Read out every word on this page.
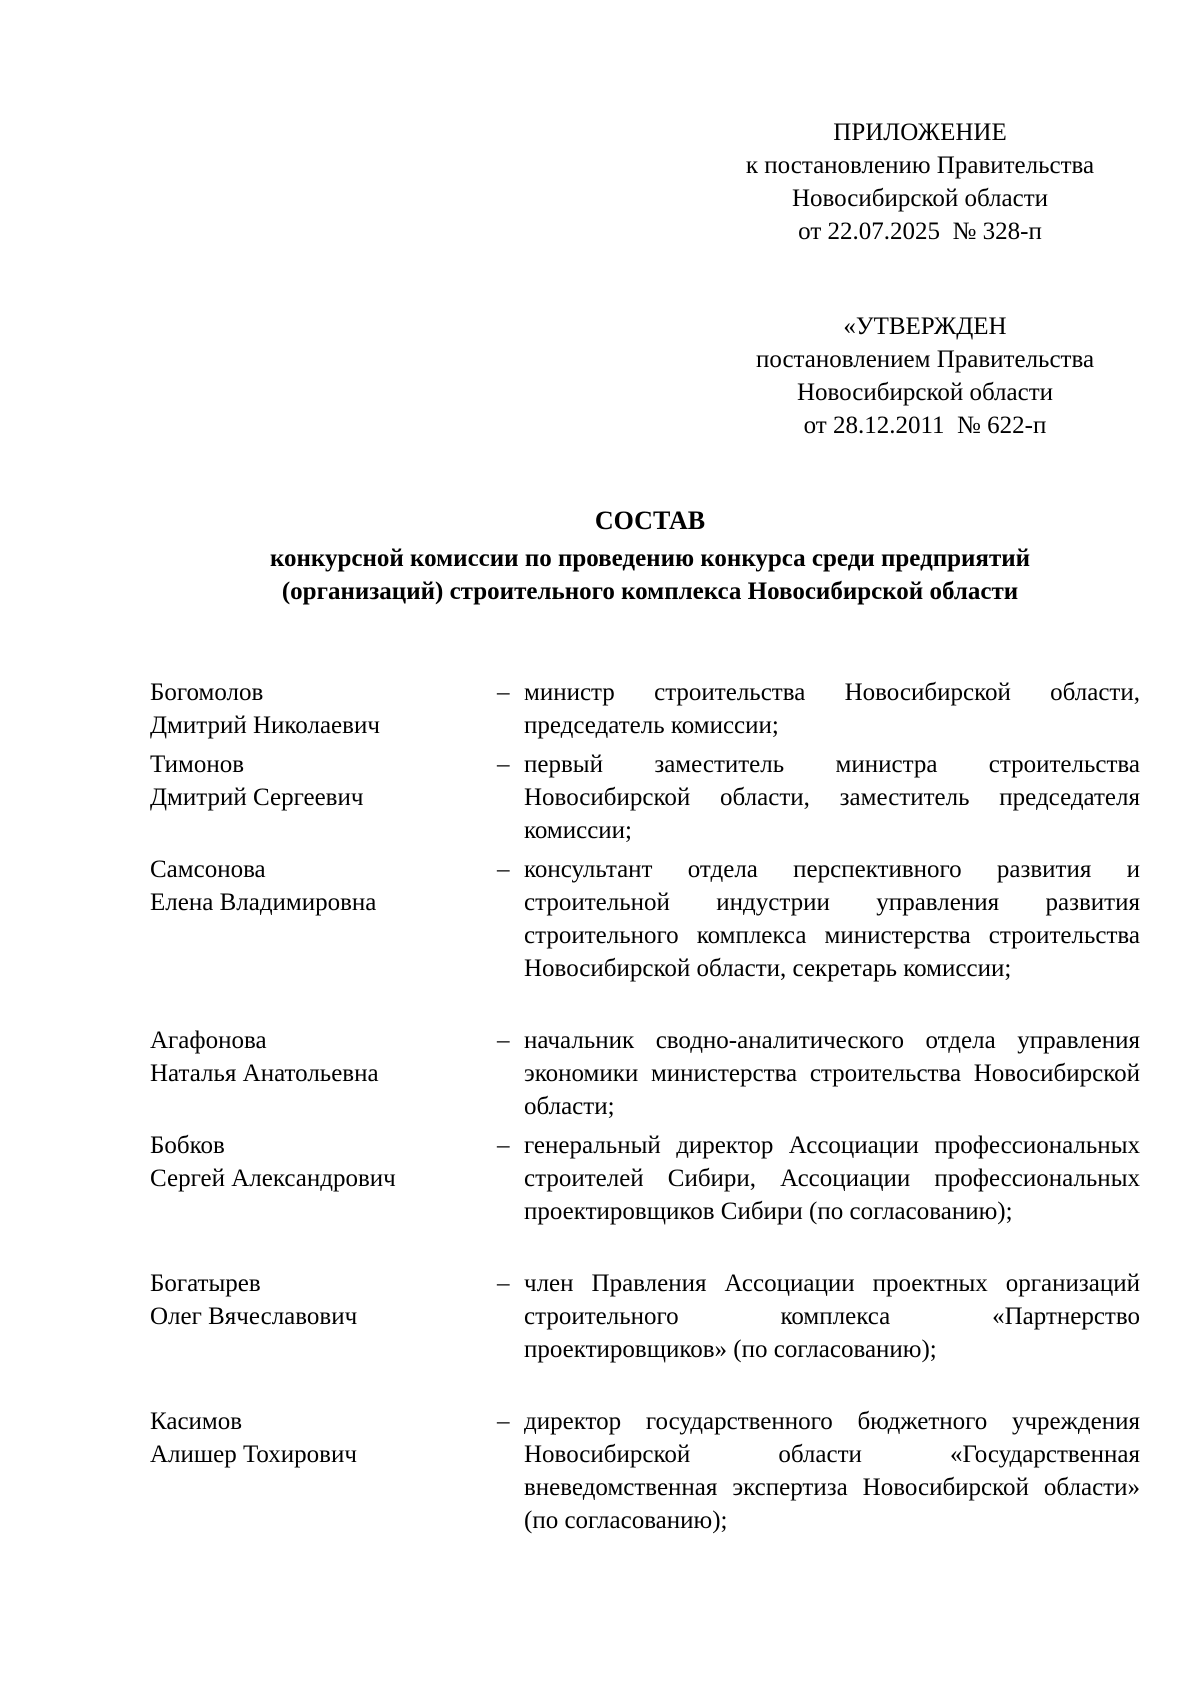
ПРИЛОЖЕНИЕ
к постановлению Правительства
Новосибирской области
от 22.07.2025  № 328-п
«УТВЕРЖДЕН
постановлением Правительства
Новосибирской области
от 28.12.2011  № 622-п
СОСТАВ
конкурсной комиссии по проведению конкурса среди предприятий
(организаций) строительного комплекса Новосибирской области
Богомолов
Дмитрий Николаевич
– министр строительства Новосибирской области, председатель комиссии;
Тимонов
Дмитрий Сергеевич
– первый заместитель министра строительства Новосибирской области, заместитель председателя комиссии;
Самсонова
Елена Владимировна
– консультант отдела перспективного развития и строительной индустрии управления развития строительного комплекса министерства строительства Новосибирской области, секретарь комиссии;
Агафонова
Наталья Анатольевна
– начальник сводно-аналитического отдела управления экономики министерства строительства Новосибирской области;
Бобков
Сергей Александрович
– генеральный директор Ассоциации профессиональных строителей Сибири, Ассоциации профессиональных проектировщиков Сибири (по согласованию);
Богатырев
Олег Вячеславович
– член Правления Ассоциации проектных организаций строительного комплекса «Партнерство проектировщиков» (по согласованию);
Касимов
Алишер Тохирович
– директор государственного бюджетного учреждения Новосибирской области «Государственная вневедомственная экспертиза Новосибирской области» (по согласованию);
